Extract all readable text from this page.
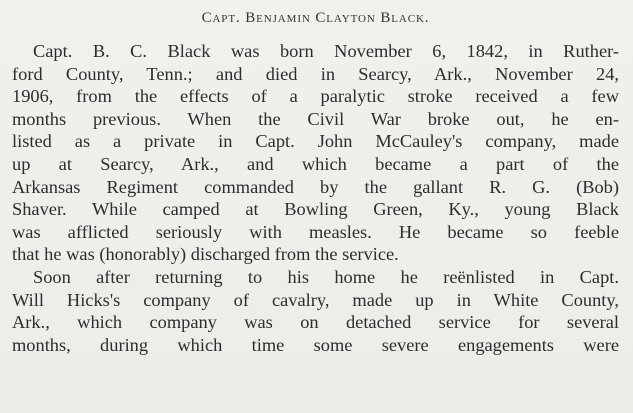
Capt. Benjamin Clayton Black.
Capt. B. C. Black was born November 6, 1842, in Ruther-
ford County, Tenn.; and died in Searcy, Ark., November 24,
1906, from the effects of a paralytic stroke received a few
months previous. When the Civil War broke out, he en-
listed as a private in Capt. John McCauley's company, made
up at Searcy, Ark., and which became a part of the
Arkansas Regiment commanded by the gallant R. G. (Bob)
Shaver. While camped at Bowling Green, Ky., young Black
was afflicted seriously with measles. He became so feeble
that he was (honorably) discharged from the service.
Soon after returning to his home he reënlisted in Capt.
Will Hicks's company of cavalry, made up in White County,
Ark., which company was on detached service for several
months, during which time some severe engagements were
